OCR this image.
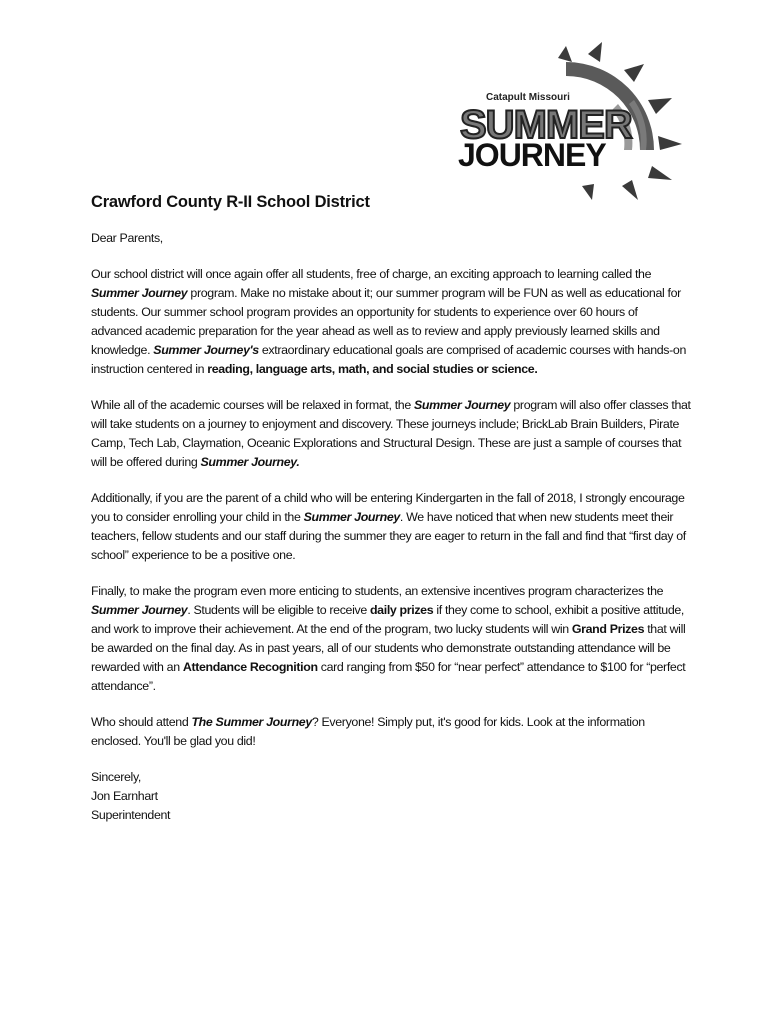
Catapult Missouri
SUMMER
JOURNEY
Crawford County R-II School District

Dear Parents,

Our school district will once again offer all students, free of charge, an exciting approach to learning called the Summer Journey program. Make no mistake about it; our summer program will be FUN as well as educational for students. Our summer school program provides an opportunity for students to experience over 60 hours of advanced academic preparation for the year ahead as well as to review and apply previously learned skills and knowledge. Summer Journey's extraordinary educational goals are comprised of academic courses with hands-on instruction centered in reading, language arts, math, and social studies or science.

While all of the academic courses will be relaxed in format, the Summer Journey program will also offer classes that will take students on a journey to enjoyment and discovery. These journeys include; BrickLab Brain Builders, Pirate Camp, Tech Lab, Claymation, Oceanic Explorations and Structural Design. These are just a sample of courses that will be offered during Summer Journey.

Additionally, if you are the parent of a child who will be entering Kindergarten in the fall of 2018, I strongly encourage you to consider enrolling your child in the Summer Journey. We have noticed that when new students meet their teachers, fellow students and our staff during the summer they are eager to return in the fall and find that “first day of school” experience to be a positive one.

Finally, to make the program even more enticing to students, an extensive incentives program characterizes the Summer Journey. Students will be eligible to receive daily prizes if they come to school, exhibit a positive attitude, and work to improve their achievement. At the end of the program, two lucky students will win Grand Prizes that will be awarded on the final day. As in past years, all of our students who demonstrate outstanding attendance will be rewarded with an Attendance Recognition card ranging from $50 for “near perfect” attendance to $100 for “perfect attendance”.

Who should attend The Summer Journey? Everyone! Simply put, it's good for kids. Look at the information enclosed. You'll be glad you did!

Sincerely,

Jon Earnhart

Superintendent
